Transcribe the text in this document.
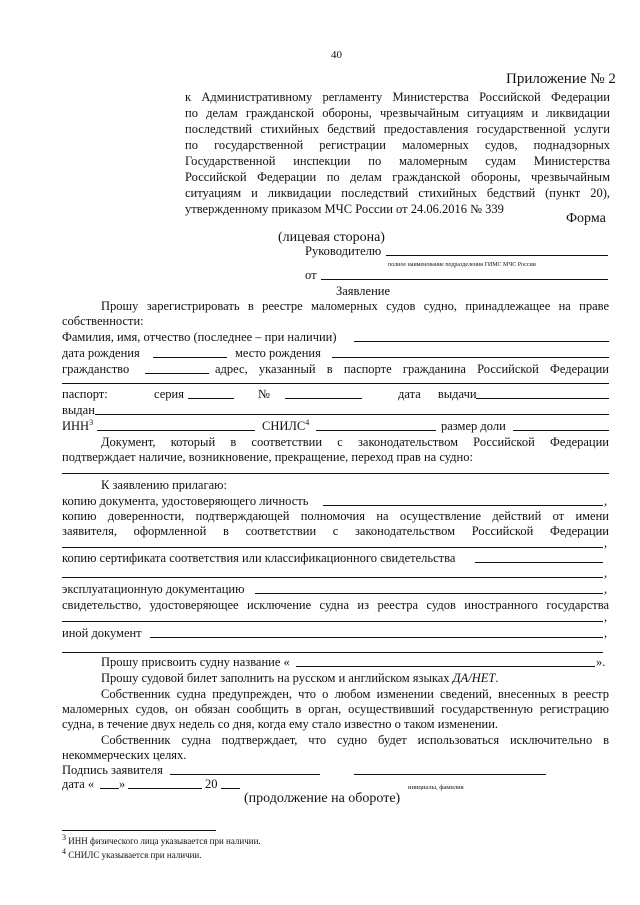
40
Приложение № 2
к Административному регламенту Министерства Российской Федерации
по делам гражданской обороны, чрезвычайным ситуациям и ликвидации
последствий стихийных бедствий предоставления государственной услуги
по государственной регистрации маломерных судов, поднадзорных
Государственной инспекции по маломерным судам Министерства
Российской Федерации по делам гражданской обороны, чрезвычайным
ситуациям и ликвидации последствий стихийных бедствий (пункт 20),
утвержденному приказом МЧС России от 24.06.2016 № 339
Форма
(лицевая сторона)
Руководителю
полное наименование подразделения ГИМС МЧС России
от
Заявление
Прошу зарегистрировать в реестре маломерных судов судно, принадлежащее на праве
собственности:
Фамилия, имя, отчество (последнее – при наличии)
дата рождения	место рождения
гражданство	адрес, указанный в паспорте гражданина Российской Федерации
паспорт:	серия	№	дата выдачи
выдан
ИНН$^3$	СНИЛС$^4$	размер доли
Документ, который в соответствии с законодательством Российской Федерации
подтверждает наличие, возникновение, прекращение, переход прав на судно:
К заявлению прилагаю:
копию документа, удостоверяющего личность	,
копию доверенности, подтверждающей полномочия на осуществление действий от имени
заявителя, оформленной в соответствии с законодательством Российской Федерации
,
копию сертификата соответствия или классификационного свидетельства
,
эксплуатационную документацию	,
свидетельство, удостоверяющее исключение судна из реестра судов иностранного государства
,
иной документ	,
Прошу присвоить судну название «	».
Прошу судовой билет заполнить на русском и английском языках ДА/НЕТ.
Собственник судна предупрежден, что о любом изменении сведений, внесенных в реестр
маломерных судов, он обязан сообщить в орган, осуществивший государственную регистрацию
судна, в течение двух недель со дня, когда ему стало известно о таком изменении.
Собственник судна подтверждает, что судно будет использоваться исключительно в
некоммерческих целях.
Подпись заявителя
дата « »	20	инициалы, фамилия
(продолжение на обороте)
$^3$ ИНН физического лица указывается при наличии.
$^4$ СНИЛС указывается при наличии.
